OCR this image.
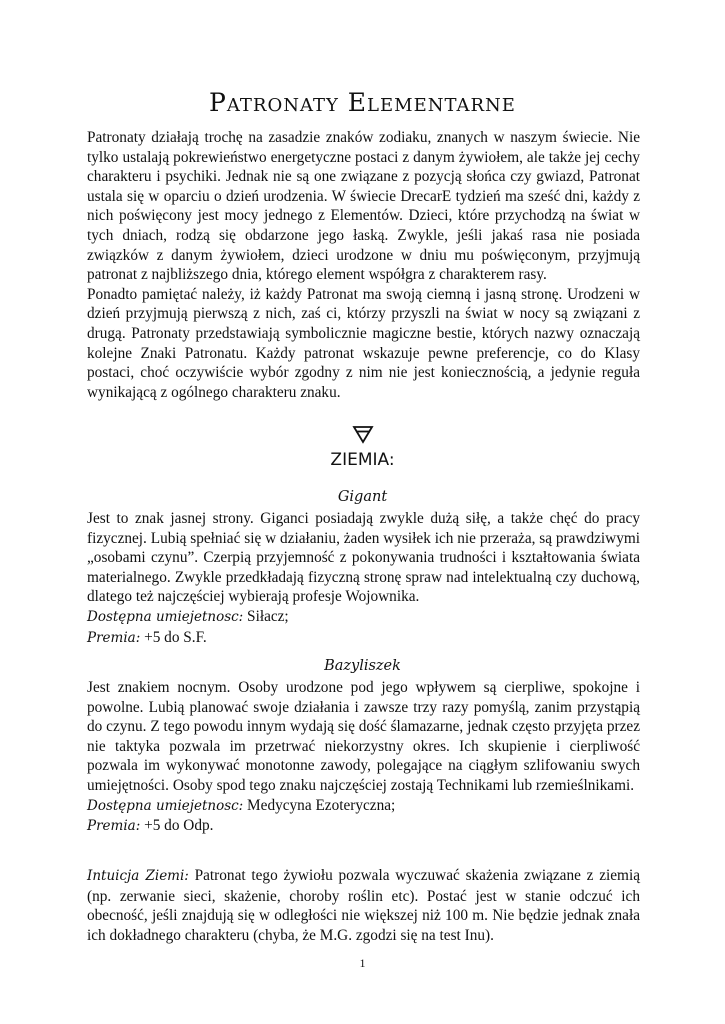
Patronaty Elementarne

Patronaty działają trochę na zasadzie znaków zodiaku, znanych w naszym świecie. Nie tylko ustalają pokrewieństwo energetyczne postaci z danym żywiołem, ale także jej cechy charakteru i psychiki. Jednak nie są one związane z pozycją słońca czy gwiazd, Patronat ustala się w oparciu o dzień urodzenia. W świecie DrecarE tydzień ma sześć dni, każdy z nich poświęcony jest mocy jednego z Elementów. Dzieci, które przychodzą na świat w tych dniach, rodzą się obdarzone jego łaską. Zwykle, jeśli jakaś rasa nie posiada związków z danym żywiołem, dzieci urodzone w dniu mu poświęconym, przyjmują patronat z najbliższego dnia, którego element współgra z charakterem rasy.

Ponadto pamiętać należy, iż każdy Patronat ma swoją ciemną i jasną stronę. Urodzeni w dzień przyjmują pierwszą z nich, zaś ci, którzy przyszli na świat w nocy są związani z drugą. Patronaty przedstawiają symbolicznie magiczne bestie, których nazwy oznaczają kolejne Znaki Patronatu. Każdy patronat wskazuje pewne preferencje, co do Klasy postaci, choć oczywiście wybór zgodny z nim nie jest koniecznością, a jedynie reguła wynikającą z ogólnego charakteru znaku.

ZIEMIA:
Gigant

Jest to znak jasnej strony. Giganci posiadają zwykle dużą siłę, a także chęć do pracy fizycznej. Lubią spełniać się w działaniu, żaden wysiłek ich nie przeraża, są prawdziwymi „osobami czynu”. Czerpią przyjemność z pokonywania trudności i kształtowania świata materialnego. Zwykle przedkładają fizyczną stronę spraw nad intelektualną czy duchową, dlatego też najczęściej wybierają profesje Wojownika.

Dostępna umiejetnosc: Siłacz;

Premia: +5 do S.F.

Bazyliszek

Jest znakiem nocnym. Osoby urodzone pod jego wpływem są cierpliwe, spokojne i powolne. Lubią planować swoje działania i zawsze trzy razy pomyślą, zanim przystąpią do czynu. Z tego powodu innym wydają się dość ślamazarne, jednak często przyjęta przez nie taktyka pozwala im przetrwać niekorzystny okres. Ich skupienie i cierpliwość pozwala im wykonywać monotonne zawody, polegające na ciągłym szlifowaniu swych umiejętności. Osoby spod tego znaku najczęściej zostają Technikami lub rzemieślnikami.

Dostępna umiejetnosc: Medycyna Ezoteryczna;

Premia: +5 do Odp.

Intuicja Ziemi: Patronat tego żywiołu pozwala wyczuwać skażenia związane z ziemią (np. zerwanie sieci, skażenie, choroby roślin etc). Postać jest w stanie odczuć ich obecność, jeśli znajdują się w odległości nie większej niż 100 m. Nie będzie jednak znała ich dokładnego charakteru (chyba, że M.G. zgodzi się na test Inu).

1
